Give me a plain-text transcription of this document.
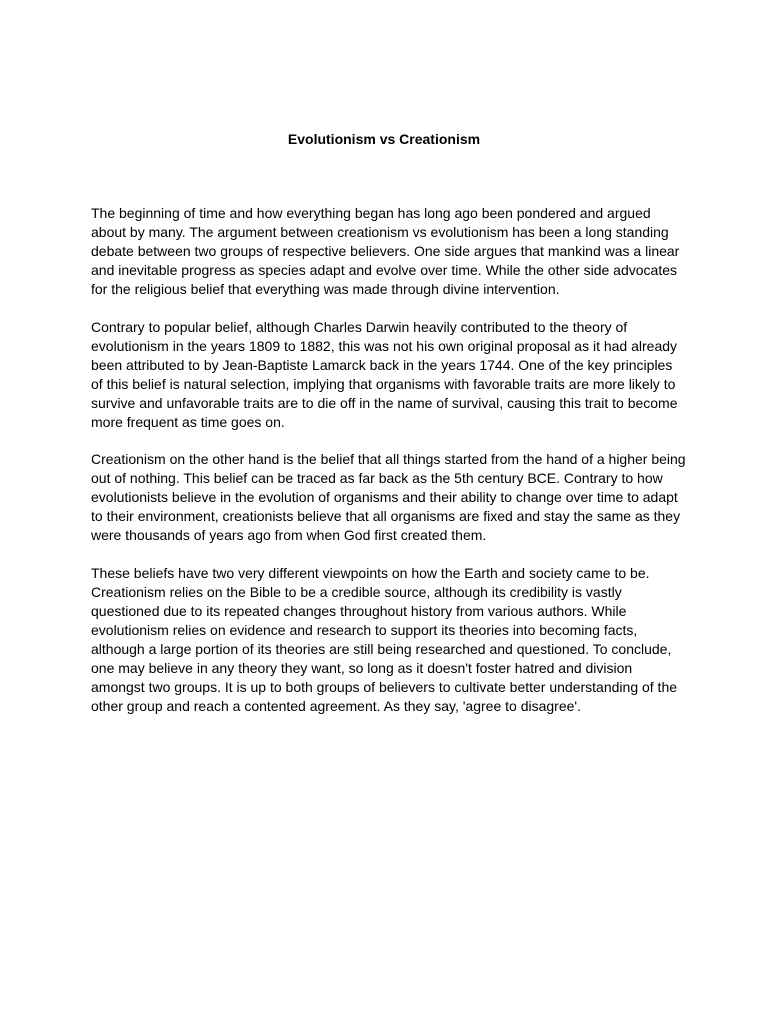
Evolutionism vs Creationism

The beginning of time and how everything began has long ago been pondered and argued about by many. The argument between creationism vs evolutionism has been a long standing debate between two groups of respective believers. One side argues that mankind was a linear and inevitable progress as species adapt and evolve over time. While the other side advocates for the religious belief that everything was made through divine intervention.

Contrary to popular belief, although Charles Darwin heavily contributed to the theory of evolutionism in the years 1809 to 1882, this was not his own original proposal as it had already been attributed to by Jean-Baptiste Lamarck back in the years 1744. One of the key principles of this belief is natural selection, implying that organisms with favorable traits are more likely to survive and unfavorable traits are to die off in the name of survival, causing this trait to become more frequent as time goes on.

Creationism on the other hand is the belief that all things started from the hand of a higher being out of nothing. This belief can be traced as far back as the 5th century BCE. Contrary to how evolutionists believe in the evolution of organisms and their ability to change over time to adapt to their environment, creationists believe that all organisms are fixed and stay the same as they were thousands of years ago from when God first created them.

These beliefs have two very different viewpoints on how the Earth and society came to be. Creationism relies on the Bible to be a credible source, although its credibility is vastly questioned due to its repeated changes throughout history from various authors. While evolutionism relies on evidence and research to support its theories into becoming facts, although a large portion of its theories are still being researched and questioned. To conclude, one may believe in any theory they want, so long as it doesn't foster hatred and division amongst two groups. It is up to both groups of believers to cultivate better understanding of the other group and reach a contented agreement. As they say, 'agree to disagree'.
